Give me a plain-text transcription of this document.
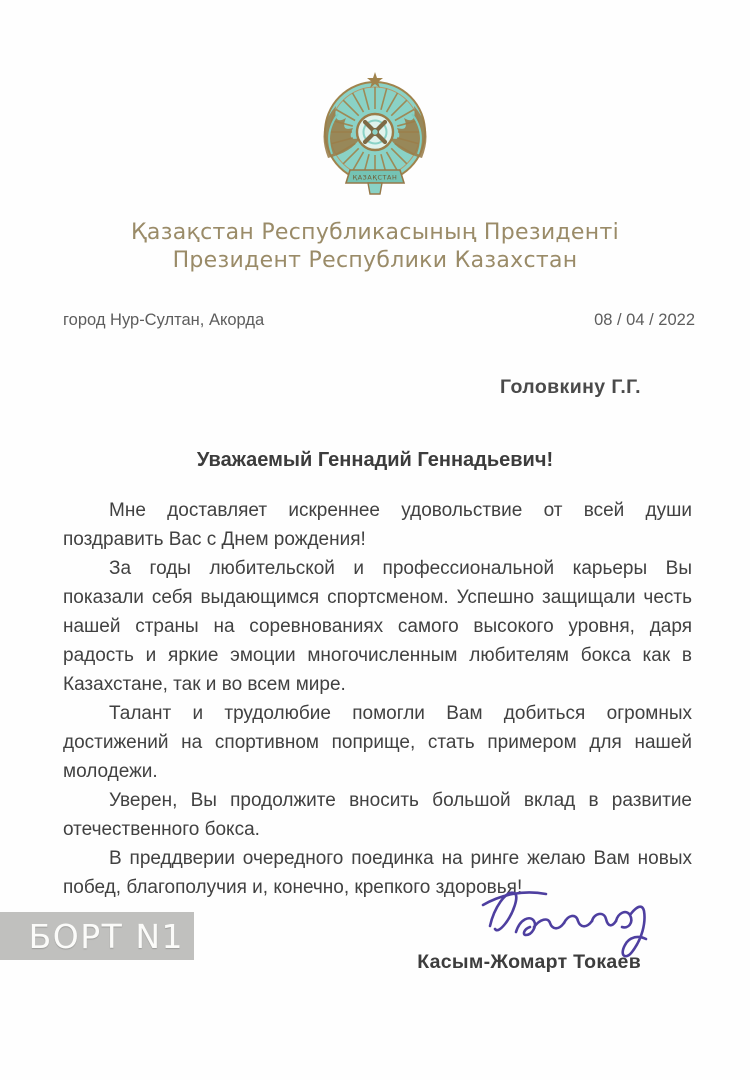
ҚАЗАҚСТАН
Қазақстан Республикасының Президенті
Президент Республики Казахстан
город Нур-Султан, Акорда	08 / 04 / 2022
Головкину Г.Г.
Уважаемый Геннадий Геннадьевич!

Мне доставляет искреннее удовольствие от всей души поздравить Вас с Днем рождения!

За годы любительской и профессиональной карьеры Вы показали себя выдающимся спортсменом. Успешно защищали честь нашей страны на соревнованиях самого высокого уровня, даря радость и яркие эмоции многочисленным любителям бокса как в Казахстане, так и во всем мире.

Талант и трудолюбие помогли Вам добиться огромных достижений на спортивном поприще, стать примером для нашей молодежи.

Уверен, Вы продолжите вносить большой вклад в развитие отечественного бокса.

В преддверии очередного поединка на ринге желаю Вам новых побед, благополучия и, конечно, крепкого здоровья!

Касым-Жомарт Токаев
БОРТ N1
